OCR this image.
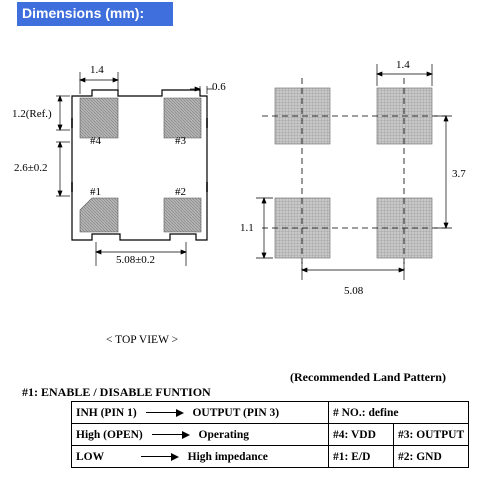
Dimensions (mm):
1.4
1.2(Ref.)
0.6
2.6±0.2
5.08±0.2
#4	#3
#1	#2
< TOP VIEW >
1.4
3.7
1.1
5.08
(Recommended Land Pattern)
#1: ENABLE / DISABLE FUNTION
INH (PIN 1) OUTPUT (PIN 3)	# NO.: define	
High (OPEN) Operating	#4: VDD	#3: OUTPUT
LOW High impedance	#1: E/D	#2: GND
